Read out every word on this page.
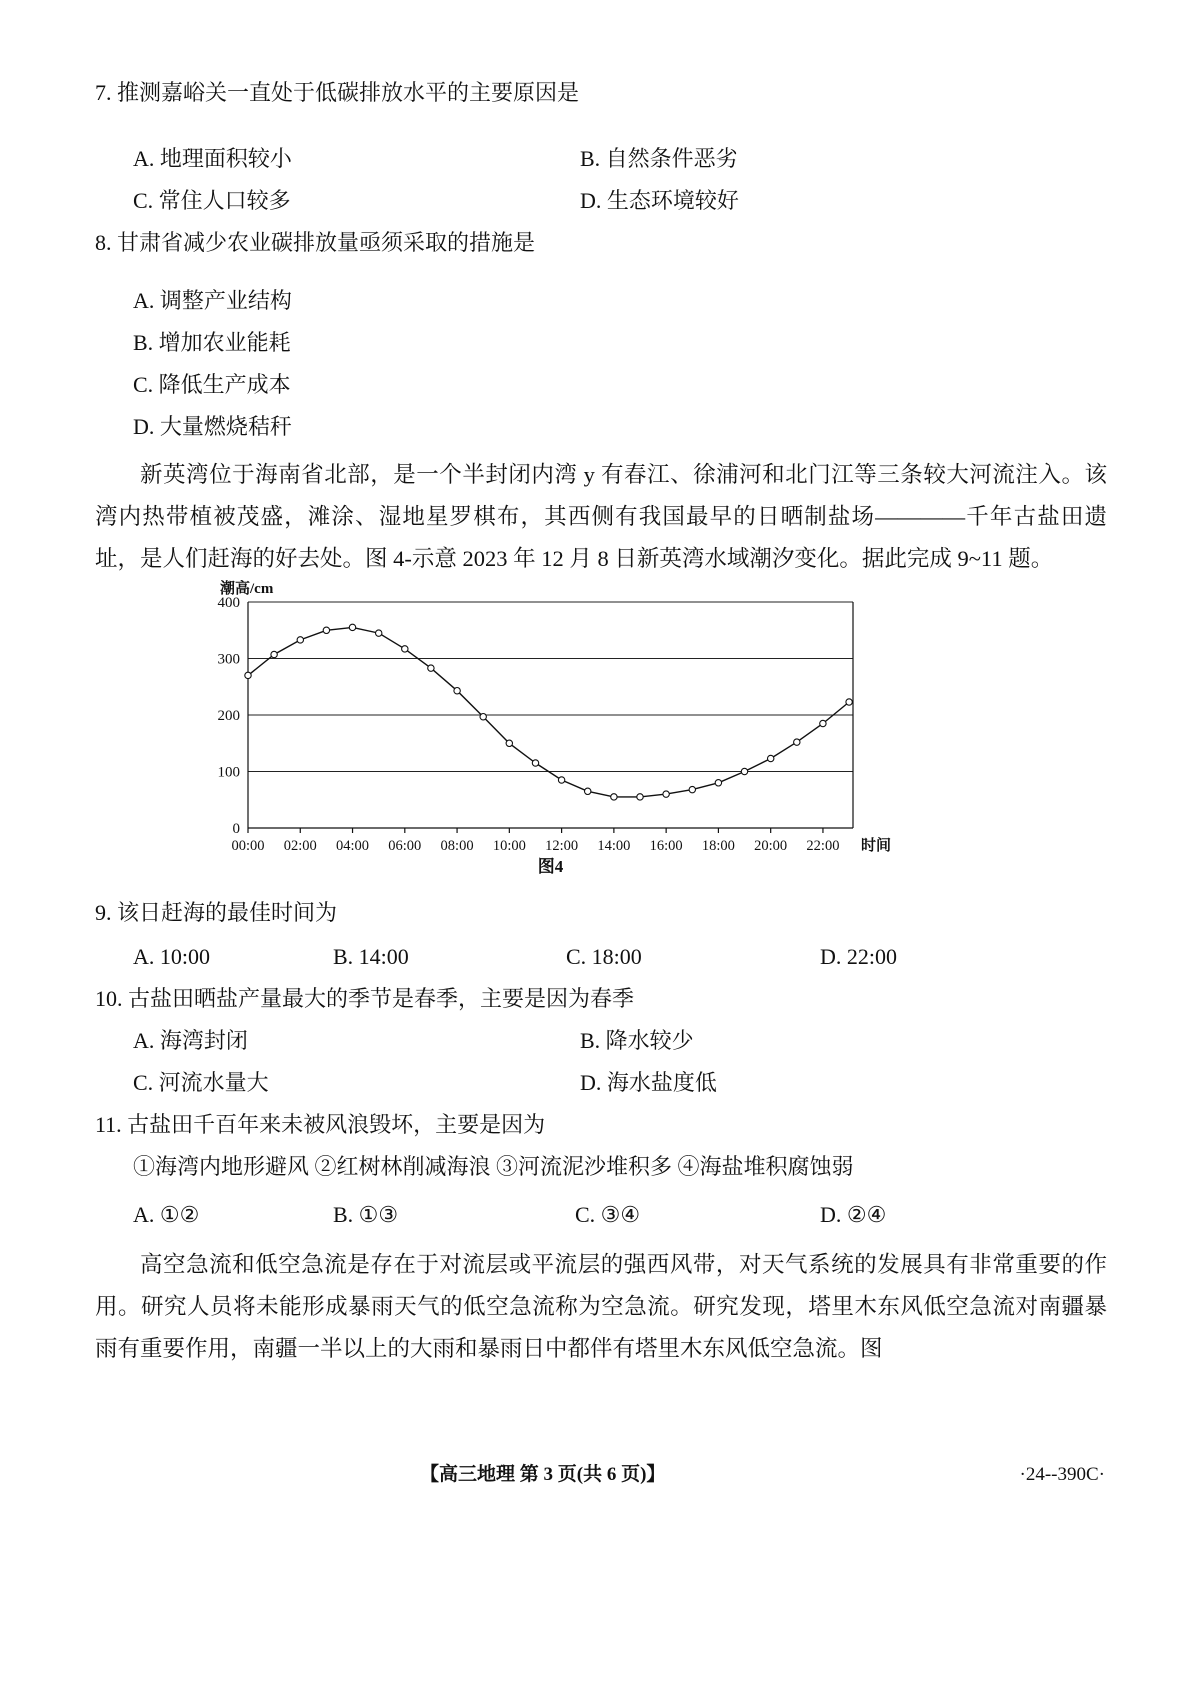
7. 推测嘉峪关一直处于低碳排放水平的主要原因是
A. 地理面积较小	B. 自然条件恶劣
C. 常住人口较多	D. 生态环境较好
8. 甘肃省减少农业碳排放量亟须采取的措施是
A. 调整产业结构
B. 增加农业能耗
C. 降低生产成本
D. 大量燃烧秸秆

新英湾位于海南省北部，是一个半封闭内湾 y 有春江、徐浦河和北门江等三条较大河流注入。该湾内热带植被茂盛，滩涂、湿地星罗棋布，其西侧有我国最早的日晒制盐场————千年古盐田遗址，是人们赶海的好去处。图 4-示意 2023 年 12 月 8 日新英湾水域潮汐变化。据此完成 9~11 题。

0
100
200
300
400
00:00 02:00 04:00 06:00 08:00 10:00 12:00 14:00 16:00 18:00 20:00 22:00 时间
潮高/cm
图4
9. 该日赶海的最佳时间为
A. 10:00	B. 14:00	C. 18:00	D. 22:00
10. 古盐田晒盐产量最大的季节是春季，主要是因为春季
A. 海湾封闭	B. 降水较少
C. 河流水量大	D. 海水盐度低
11. 古盐田千百年来未被风浪毁坏，主要是因为
①海湾内地形避风 ②红树林削减海浪 ③河流泥沙堆积多 ④海盐堆积腐蚀弱
A. ①②	B. ①③	C. ③④	D. ②④

高空急流和低空急流是存在于对流层或平流层的强西风带，对天气系统的发展具有非常重要的作用。研究人员将未能形成暴雨天气的低空急流称为空急流。研究发现，塔里木东风低空急流对南疆暴雨有重要作用，南疆一半以上的大雨和暴雨日中都伴有塔里木东风低空急流。图

【高三地理 第 3 页(共 6 页)】	·24--390C·
